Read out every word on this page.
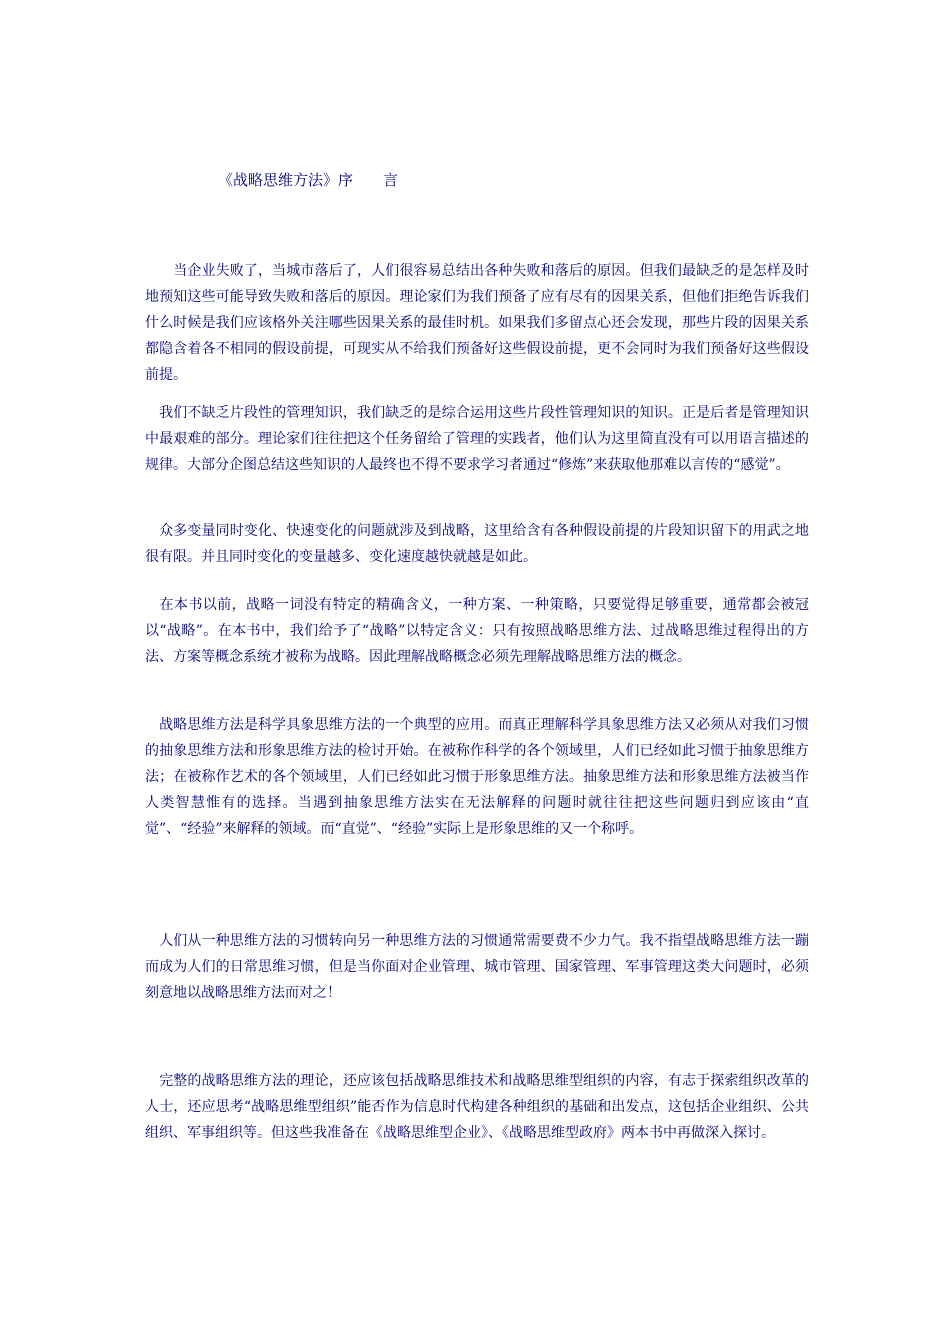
《战略思维方法》序　　言

　　当企业失败了，当城市落后了，人们很容易总结出各种失败和落后的原因。但我们最缺乏的是怎样及时地预知这些可能导致失败和落后的原因。理论家们为我们预备了应有尽有的因果关系，但他们拒绝告诉我们什么时候是我们应该格外关注哪些因果关系的最佳时机。如果我们多留点心还会发现，那些片段的因果关系都隐含着各不相同的假设前提，可现实从不给我们预备好这些假设前提，更不会同时为我们预备好这些假设前提。

　我们不缺乏片段性的管理知识，我们缺乏的是综合运用这些片段性管理知识的知识。正是后者是管理知识中最艰难的部分。理论家们往往把这个任务留给了管理的实践者，他们认为这里简直没有可以用语言描述的规律。大部分企图总结这些知识的人最终也不得不要求学习者通过“修炼”来获取他那难以言传的“感觉”。

　众多变量同时变化、快速变化的问题就涉及到战略，这里给含有各种假设前提的片段知识留下的用武之地很有限。并且同时变化的变量越多、变化速度越快就越是如此。

　在本书以前，战略一词没有特定的精确含义，一种方案、一种策略，只要觉得足够重要，通常都会被冠以“战略”。在本书中，我们给予了“战略”以特定含义：只有按照战略思维方法、过战略思维过程得出的方法、方案等概念系统才被称为战略。因此理解战略概念必须先理解战略思维方法的概念。

　战略思维方法是科学具象思维方法的一个典型的应用。而真正理解科学具象思维方法又必须从对我们习惯的抽象思维方法和形象思维方法的检讨开始。在被称作科学的各个领域里，人们已经如此习惯于抽象思维方法；在被称作艺术的各个领域里，人们已经如此习惯于形象思维方法。抽象思维方法和形象思维方法被当作人类智慧惟有的选择。当遇到抽象思维方法实在无法解释的问题时就往往把这些问题归到应该由“直觉”、“经验”来解释的领域。而“直觉”、“经验”实际上是形象思维的又一个称呼。

　人们从一种思维方法的习惯转向另一种思维方法的习惯通常需要费不少力气。我不指望战略思维方法一蹦而成为人们的日常思维习惯，但是当你面对企业管理、城市管理、国家管理、军事管理这类大问题时，必须刻意地以战略思维方法而对之！

　完整的战略思维方法的理论，还应该包括战略思维技术和战略思维型组织的内容，有志于探索组织改革的人士，还应思考“战略思维型组织”能否作为信息时代构建各种组织的基础和出发点，这包括企业组织、公共组织、军事组织等。但这些我准备在《战略思维型企业》、《战略思维型政府》两本书中再做深入探讨。
